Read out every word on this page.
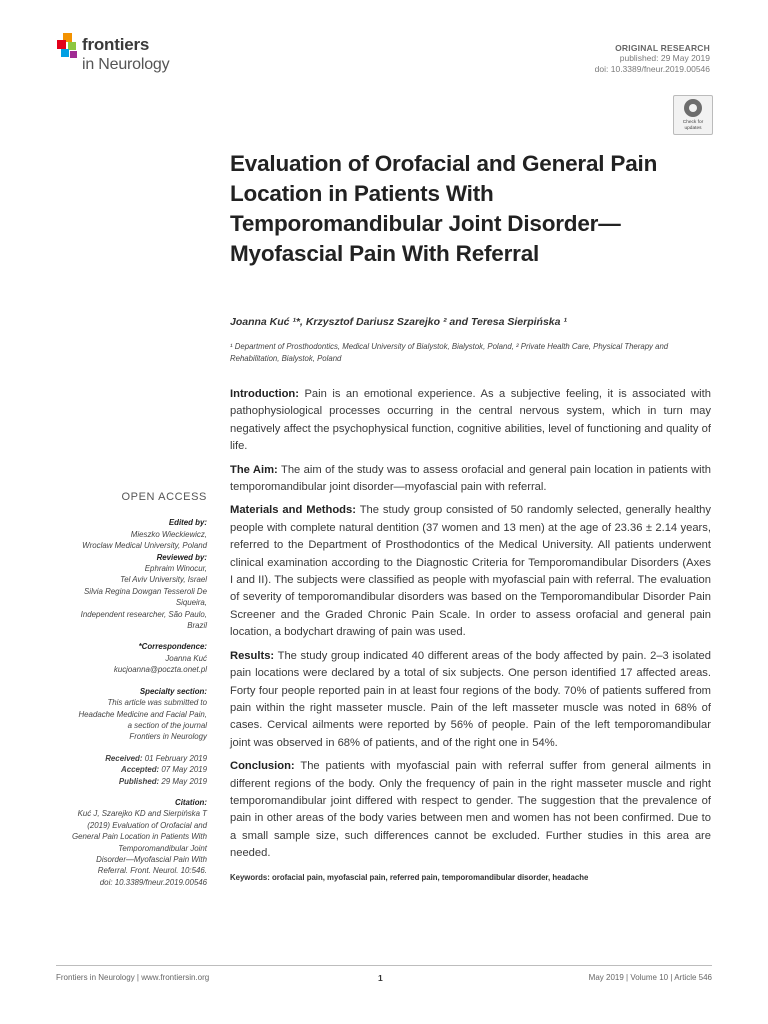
frontiers
in Neurology
ORIGINAL RESEARCH
published: 29 May 2019
doi: 10.3389/fneur.2019.00546
Check for
updates
Evaluation of Orofacial and General Pain Location in Patients With Temporomandibular Joint Disorder—Myofascial Pain With Referral
Joanna Kuć ¹*, Krzysztof Dariusz Szarejko ² and Teresa Sierpińska ¹
¹ Department of Prosthodontics, Medical University of Bialystok, Bialystok, Poland, ² Private Health Care, Physical Therapy and Rehabilitation, Bialystok, Poland

Introduction: Pain is an emotional experience. As a subjective feeling, it is associated with pathophysiological processes occurring in the central nervous system, which in turn may negatively affect the psychophysical function, cognitive abilities, level of functioning and quality of life.

The Aim: The aim of the study was to assess orofacial and general pain location in patients with temporomandibular joint disorder—myofascial pain with referral.

Materials and Methods: The study group consisted of 50 randomly selected, generally healthy people with complete natural dentition (37 women and 13 men) at the age of 23.36 ± 2.14 years, referred to the Department of Prosthodontics of the Medical University. All patients underwent clinical examination according to the Diagnostic Criteria for Temporomandibular Disorders (Axes I and II). The subjects were classified as people with myofascial pain with referral. The evaluation of severity of temporomandibular disorders was based on the Temporomandibular Disorder Pain Screener and the Graded Chronic Pain Scale. In order to assess orofacial and general pain location, a bodychart drawing of pain was used.

Results: The study group indicated 40 different areas of the body affected by pain. 2–3 isolated pain locations were declared by a total of six subjects. One person identified 17 affected areas. Forty four people reported pain in at least four regions of the body. 70% of patients suffered from pain within the right masseter muscle. Pain of the left masseter muscle was noted in 68% of cases. Cervical ailments were reported by 56% of people. Pain of the left temporomandibular joint was observed in 68% of patients, and of the right one in 54%.

Conclusion: The patients with myofascial pain with referral suffer from general ailments in different regions of the body. Only the frequency of pain in the right masseter muscle and right temporomandibular joint differed with respect to gender. The suggestion that the prevalence of pain in other areas of the body varies between men and women has not been confirmed. Due to a small sample size, such differences cannot be excluded. Further studies in this area are needed.

Keywords: orofacial pain, myofascial pain, referred pain, temporomandibular disorder, headache

OPEN ACCESS
Edited by:
Mieszko Wieckiewicz,
Wroclaw Medical University, Poland
Reviewed by:
Ephraim Winocur,
Tel Aviv University, Israel
Silvia Regina Dowgan Tesseroli De
Siqueira,
Independent researcher, São Paulo,
Brazil
*Correspondence:
Joanna Kuć
kucjoanna@poczta.onet.pl
Specialty section:
This article was submitted to
Headache Medicine and Facial Pain,
a section of the journal
Frontiers in Neurology
Received: 01 February 2019
Accepted: 07 May 2019
Published: 29 May 2019
Citation:
Kuć J, Szarejko KD and Sierpińska T
(2019) Evaluation of Orofacial and
General Pain Location in Patients With
Temporomandibular Joint
Disorder—Myofascial Pain With
Referral. Front. Neurol. 10:546.
doi: 10.3389/fneur.2019.00546
Frontiers in Neurology | www.frontiersin.org	1	May 2019 | Volume 10 | Article 546
